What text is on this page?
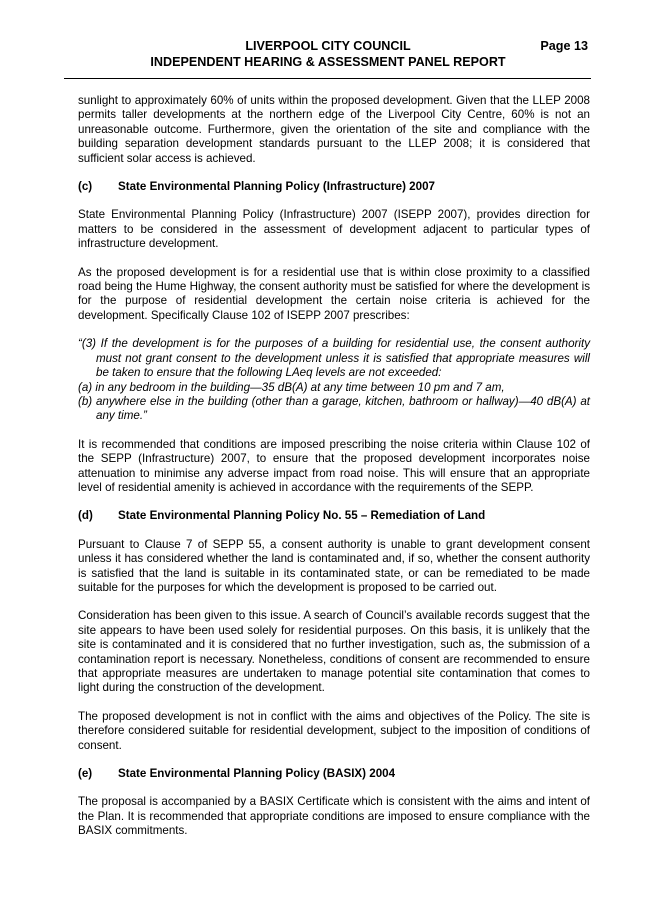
LIVERPOOL CITY COUNCIL	Page 13
INDEPENDENT HEARING & ASSESSMENT PANEL REPORT

sunlight to approximately 60% of units within the proposed development. Given that the LLEP 2008 permits taller developments at the northern edge of the Liverpool City Centre, 60% is not an unreasonable outcome. Furthermore, given the orientation of the site and compliance with the building separation development standards pursuant to the LLEP 2008; it is considered that sufficient solar access is achieved.

(c)	State Environmental Planning Policy (Infrastructure) 2007

State Environmental Planning Policy (Infrastructure) 2007 (ISEPP 2007), provides direction for matters to be considered in the assessment of development adjacent to particular types of infrastructure development.

As the proposed development is for a residential use that is within close proximity to a classified road being the Hume Highway, the consent authority must be satisfied for where the development is for the purpose of residential development the certain noise criteria is achieved for the development. Specifically Clause 102 of ISEPP 2007 prescribes:

“(3) If the development is for the purposes of a building for residential use, the consent authority must not grant consent to the development unless it is satisfied that appropriate measures will be taken to ensure that the following LAeq levels are not exceeded:
(a) in any bedroom in the building—35 dB(A) at any time between 10 pm and 7 am,
(b) anywhere else in the building (other than a garage, kitchen, bathroom or hallway)—40 dB(A) at any time.”

It is recommended that conditions are imposed prescribing the noise criteria within Clause 102 of the SEPP (Infrastructure) 2007, to ensure that the proposed development incorporates noise attenuation to minimise any adverse impact from road noise. This will ensure that an appropriate level of residential amenity is achieved in accordance with the requirements of the SEPP.

(d)	State Environmental Planning Policy No. 55 – Remediation of Land

Pursuant to Clause 7 of SEPP 55, a consent authority is unable to grant development consent unless it has considered whether the land is contaminated and, if so, whether the consent authority is satisfied that the land is suitable in its contaminated state, or can be remediated to be made suitable for the purposes for which the development is proposed to be carried out.

Consideration has been given to this issue. A search of Council’s available records suggest that the site appears to have been used solely for residential purposes. On this basis, it is unlikely that the site is contaminated and it is considered that no further investigation, such as, the submission of a contamination report is necessary. Nonetheless, conditions of consent are recommended to ensure that appropriate measures are undertaken to manage potential site contamination that comes to light during the construction of the development.

The proposed development is not in conflict with the aims and objectives of the Policy. The site is therefore considered suitable for residential development, subject to the imposition of conditions of consent.

(e)	State Environmental Planning Policy (BASIX) 2004

The proposal is accompanied by a BASIX Certificate which is consistent with the aims and intent of the Plan. It is recommended that appropriate conditions are imposed to ensure compliance with the BASIX commitments.
